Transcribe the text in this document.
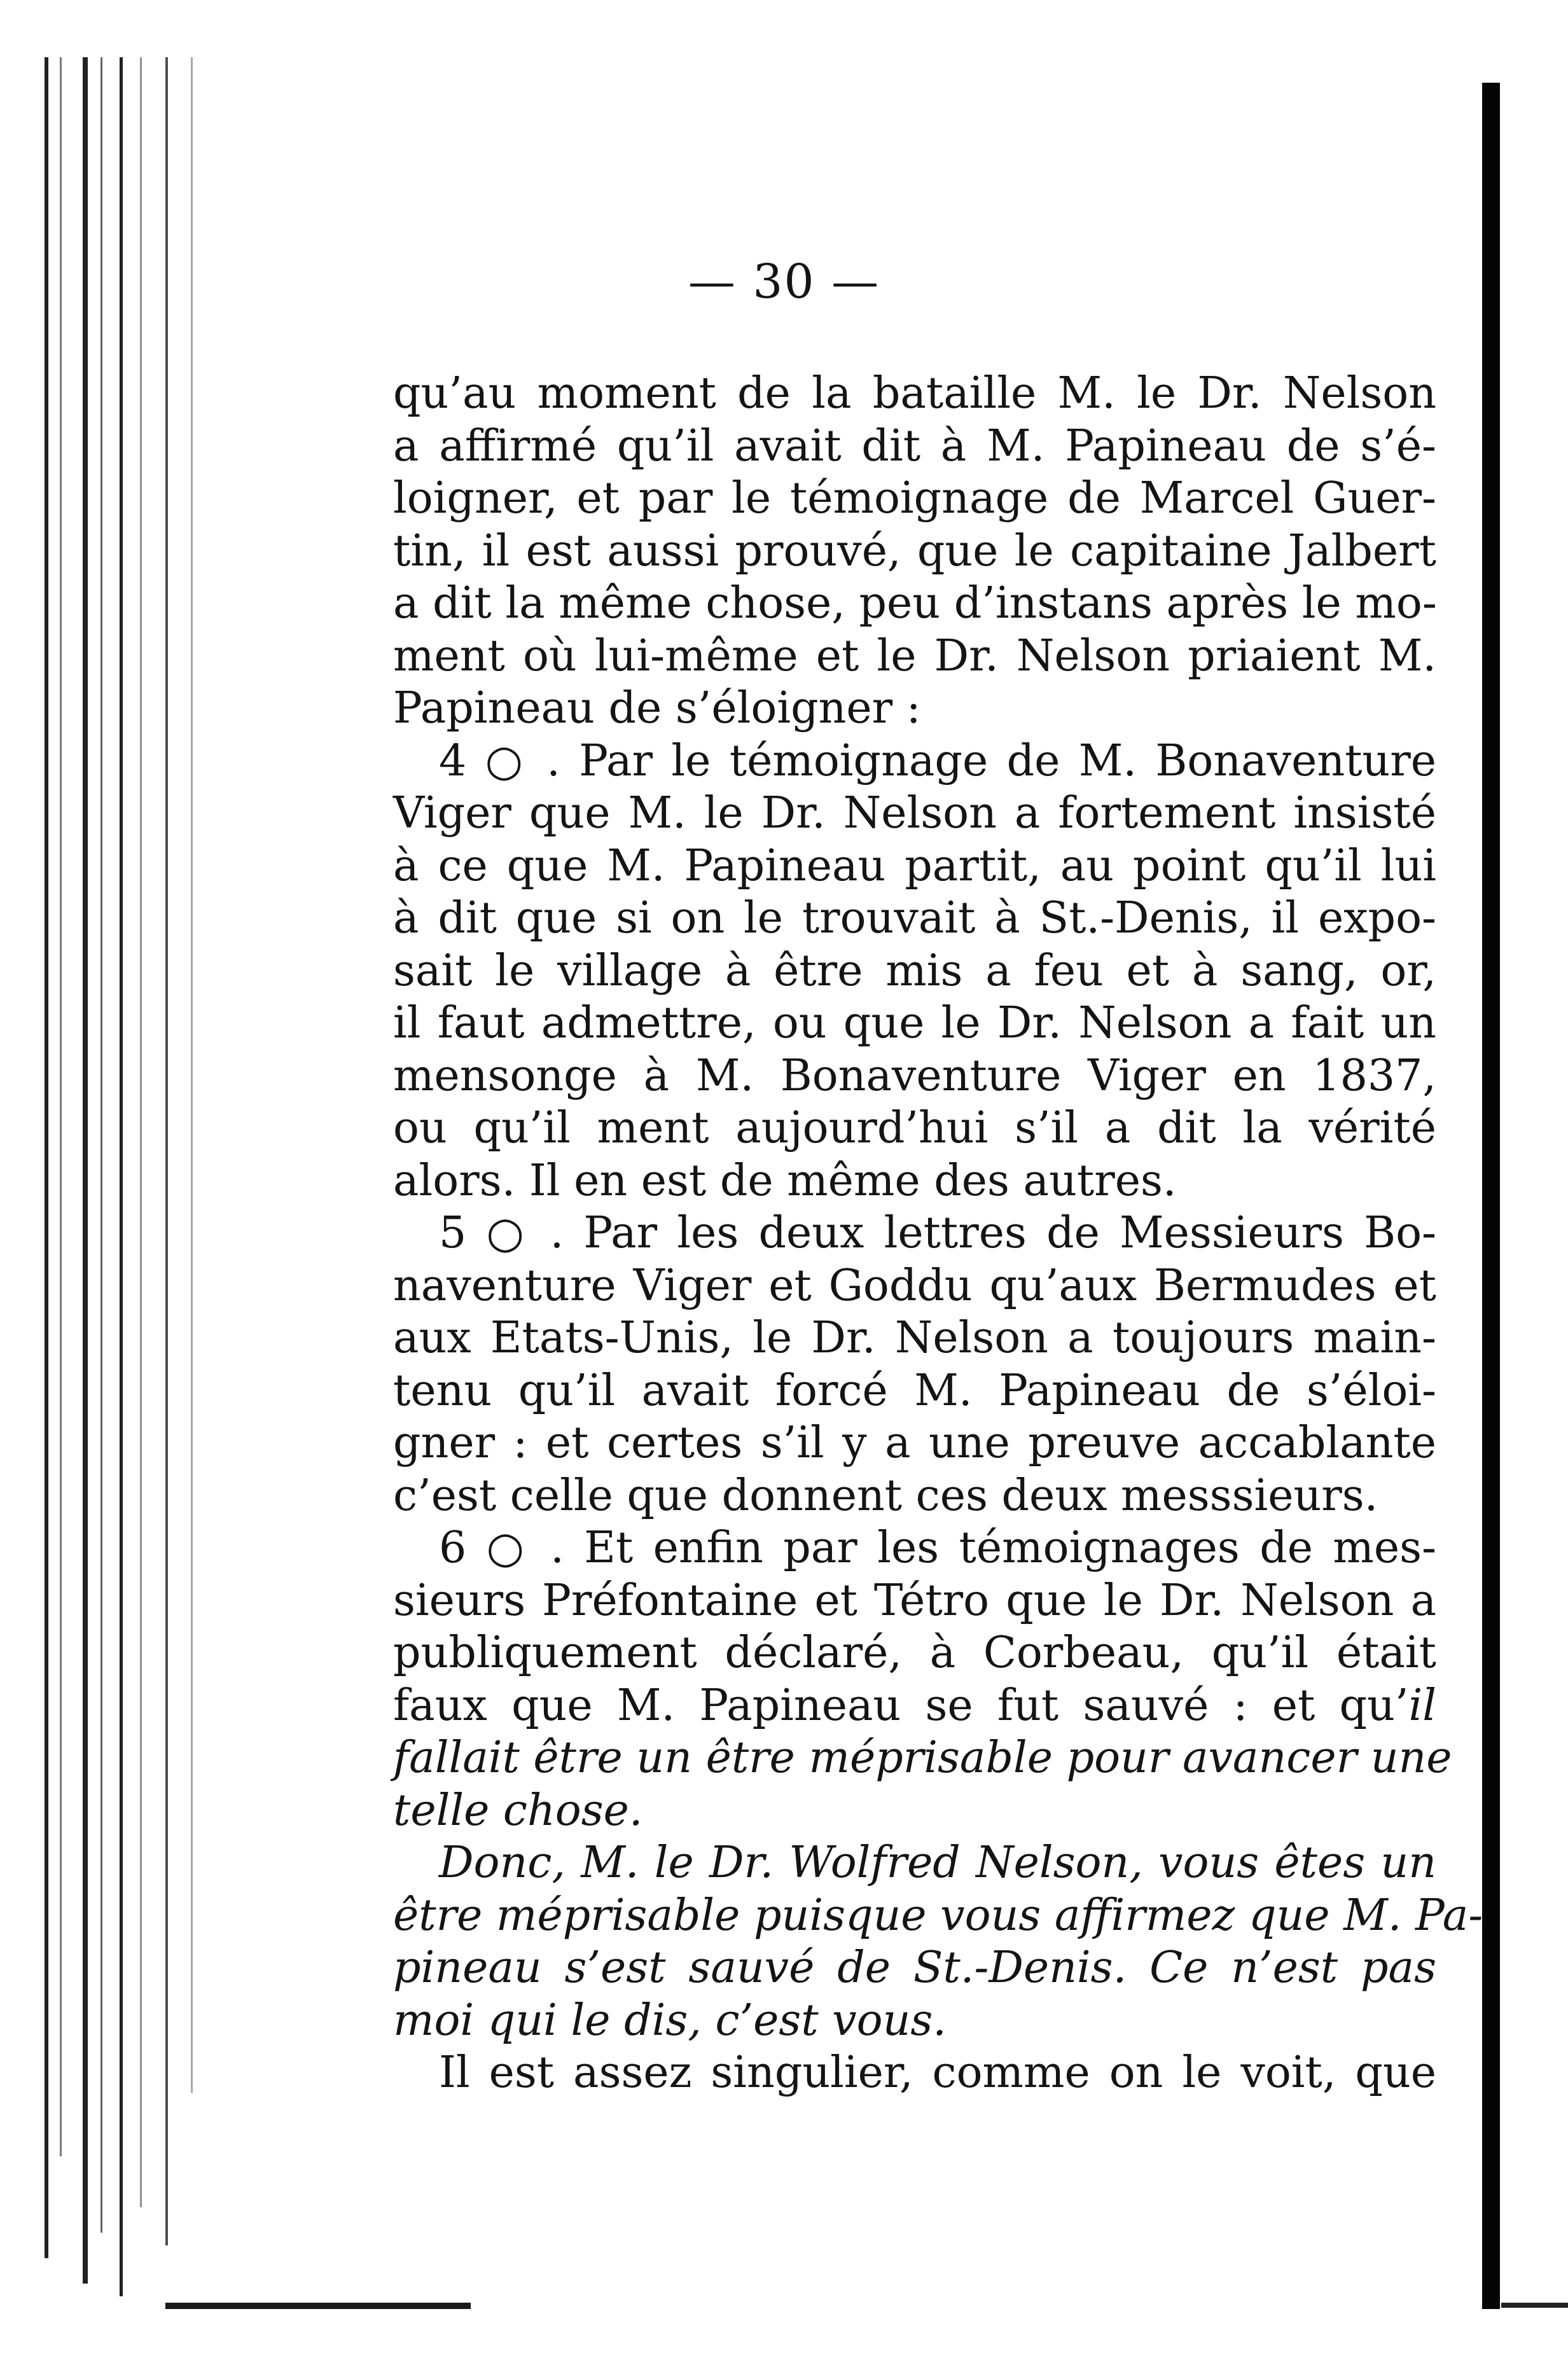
— 30 —
qu’au moment de la bataille M. le Dr. Nelson
a affirmé qu’il avait dit à M. Papineau de s’é-
loigner, et par le témoignage de Marcel Guer-
tin, il est aussi prouvé, que le capitaine Jalbert
a dit la même chose, peu d’instans après le mo-
ment où lui-même et le Dr. Nelson priaient M.
Papineau de s’éloigner :
4 ○ . Par le témoignage de M. Bonaventure
Viger que M. le Dr. Nelson a fortement insisté
à ce que M. Papineau partit, au point qu’il lui
à dit que si on le trouvait à St.-Denis, il expo-
sait le village à être mis a feu et à sang, or,
il faut admettre, ou que le Dr. Nelson a fait un
mensonge à M. Bonaventure Viger en 1837,
ou qu’il ment aujourd’hui s’il a dit la vérité
alors. Il en est de même des autres.
5 ○ . Par les deux lettres de Messieurs Bo-
naventure Viger et Goddu qu’aux Bermudes et
aux Etats-Unis, le Dr. Nelson a toujours main-
tenu qu’il avait forcé M. Papineau de s’éloi-
gner : et certes s’il y a une preuve accablante
c’est celle que donnent ces deux messsieurs.
6 ○ . Et enfin par les témoignages de mes-
sieurs Préfontaine et Tétro que le Dr. Nelson a
publiquement déclaré, à Corbeau, qu’il était
faux que M. Papineau se fut sauvé : et qu’il
fallait être un être méprisable pour avancer une
telle chose.
Donc, M. le Dr. Wolfred Nelson, vous êtes un
être méprisable puisque vous affirmez que M. Pa-
pineau s’est sauvé de St.-Denis. Ce n’est pas
moi qui le dis, c’est vous.
Il est assez singulier, comme on le voit, que
